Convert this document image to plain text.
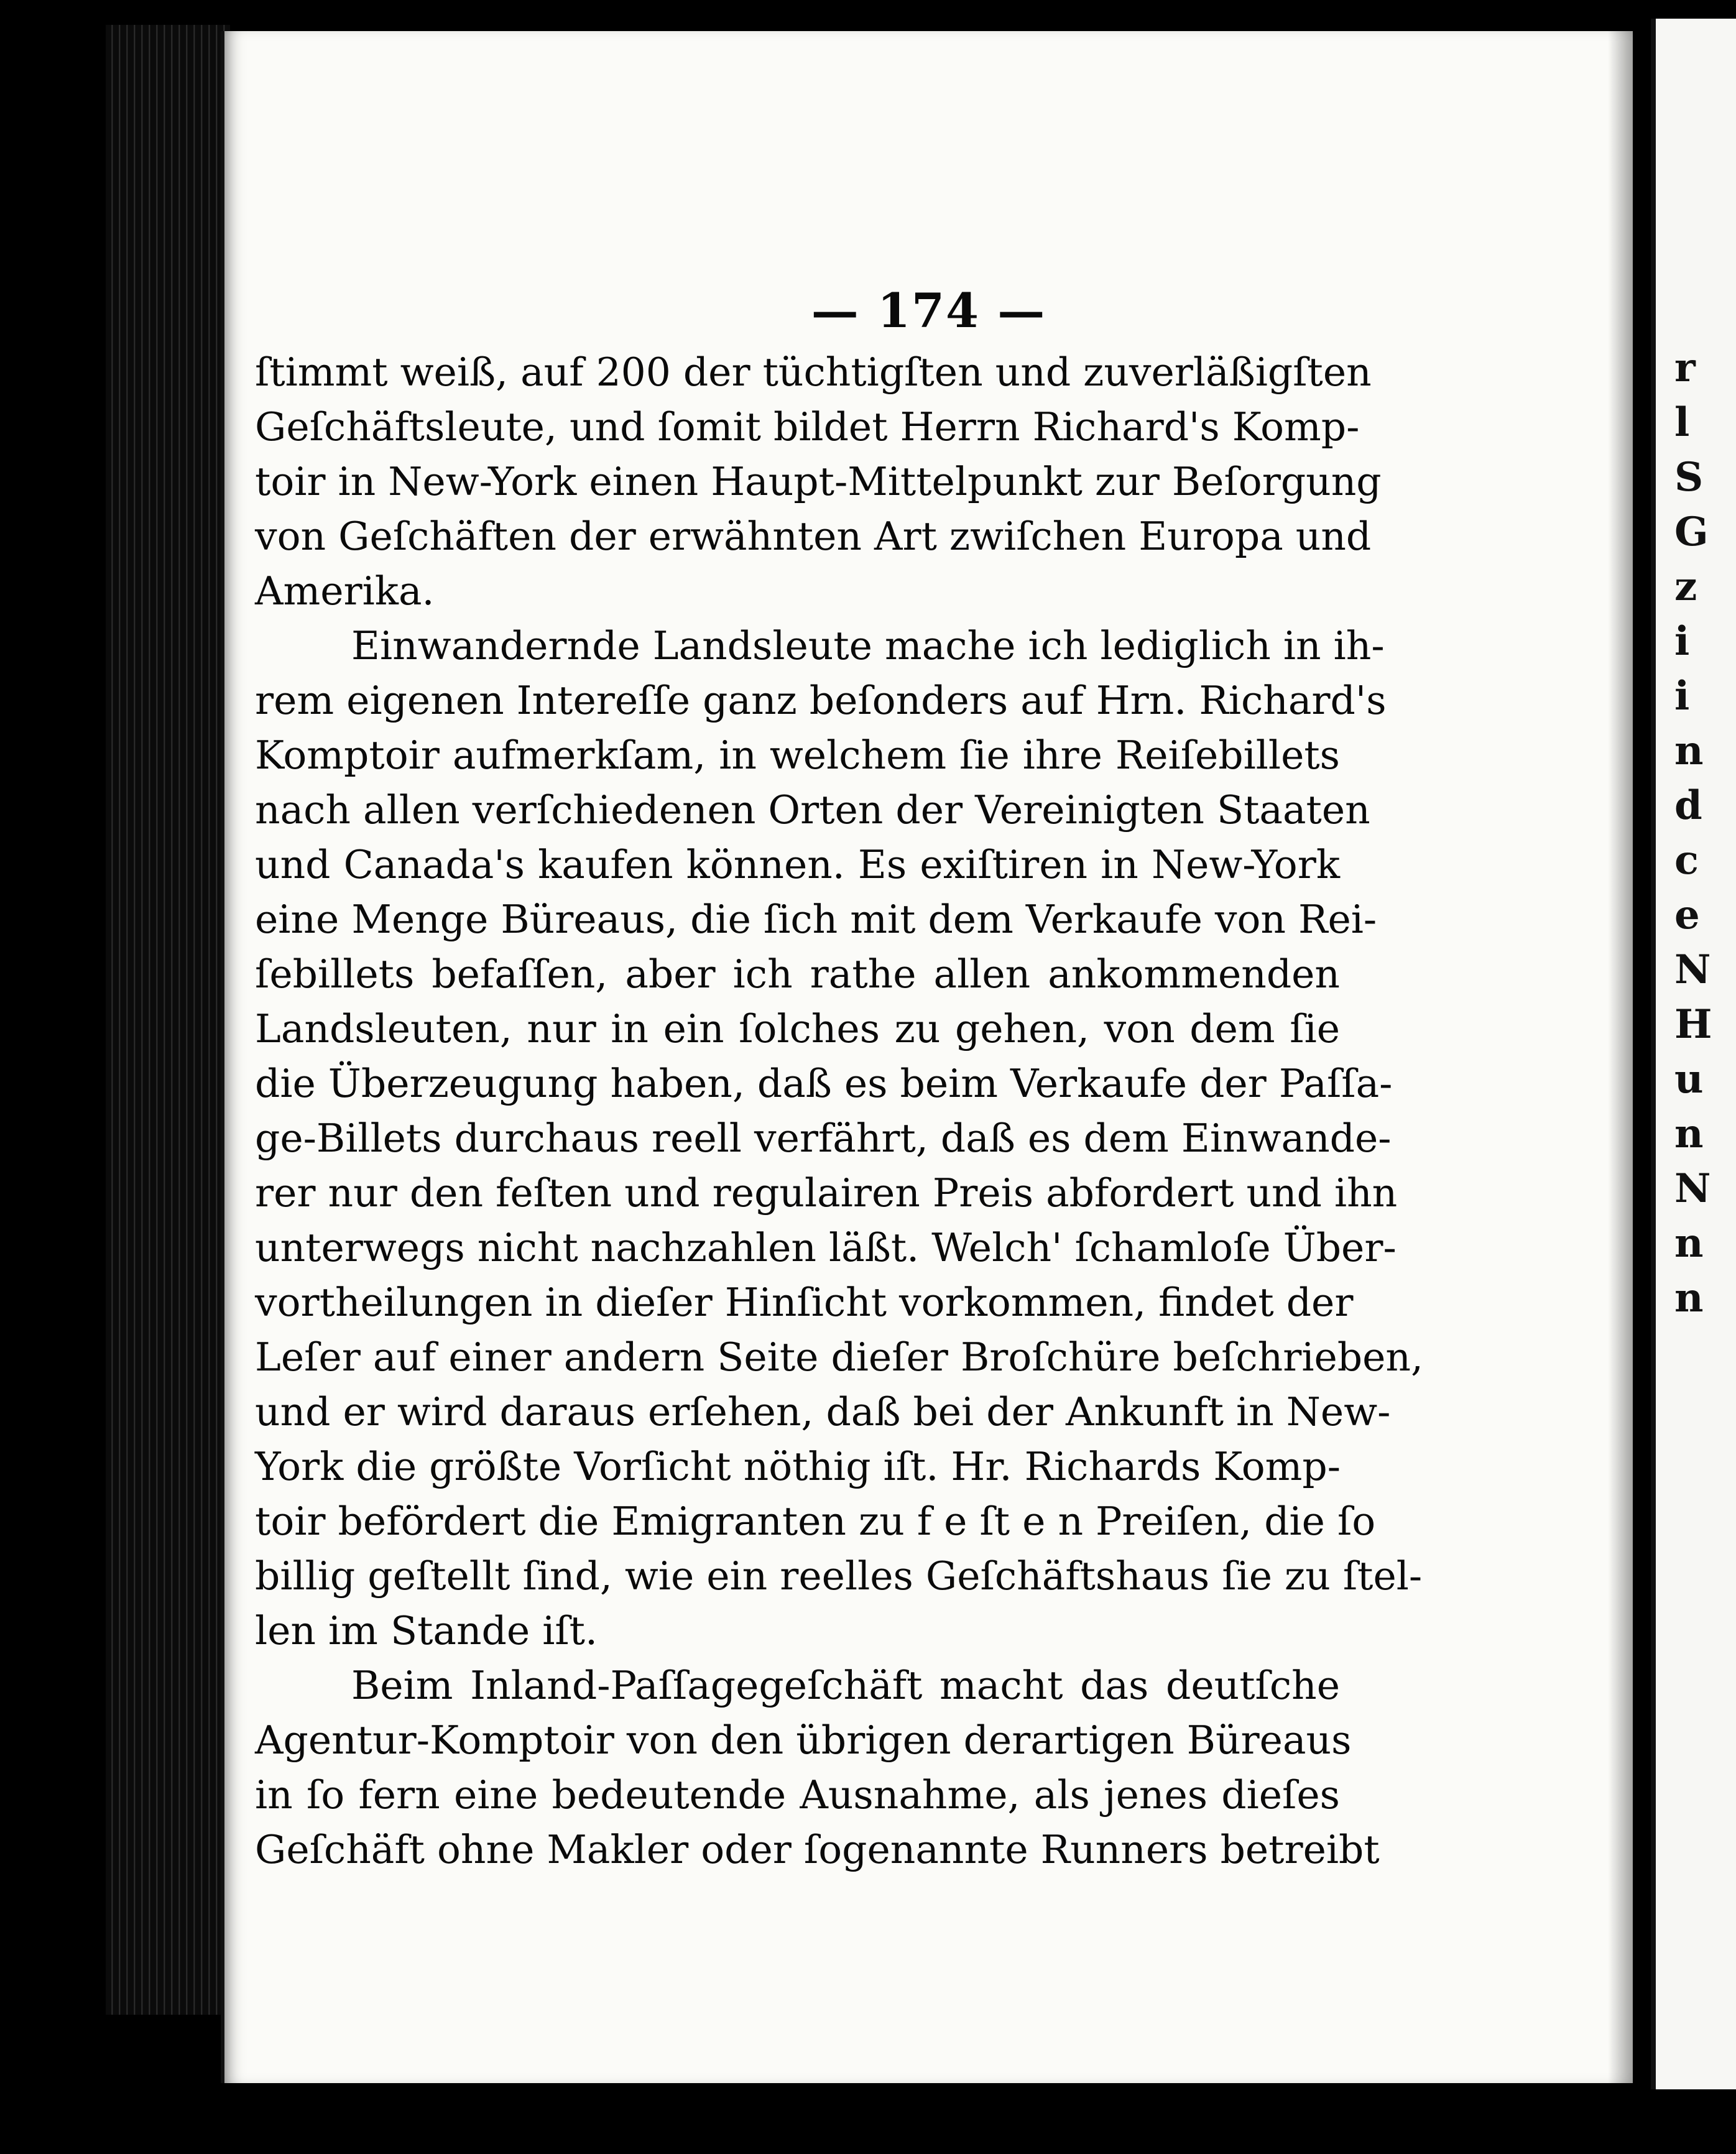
— 174 —
ſtimmt weiß, auf 200 der tüchtigſten und zuverläßigſten
Geſchäftsleute, und ſomit bildet Herrn Richard's Komp-
toir in New-York einen Haupt-Mittelpunkt zur Beſorgung
von Geſchäften der erwähnten Art zwiſchen Europa und
Amerika.
Einwandernde Landsleute mache ich lediglich in ih-
rem eigenen Intereſſe ganz beſonders auf Hrn. Richard's
Komptoir aufmerkſam, in welchem ſie ihre Reiſebillets
nach allen verſchiedenen Orten der Vereinigten Staaten
und Canada's kaufen können. Es exiſtiren in New-York
eine Menge Büreaus, die ſich mit dem Verkaufe von Rei-
ſebillets befaſſen, aber ich rathe allen ankommenden
Landsleuten, nur in ein ſolches zu gehen, von dem ſie
die Überzeugung haben, daß es beim Verkaufe der Paſſa-
ge-Billets durchaus reell verfährt, daß es dem Einwande-
rer nur den feſten und regulairen Preis abfordert und ihn
unterwegs nicht nachzahlen läßt. Welch' ſchamloſe Über-
vortheilungen in dieſer Hinſicht vorkommen, findet der
Leſer auf einer andern Seite dieſer Broſchüre beſchrieben,
und er wird daraus erſehen, daß bei der Ankunft in New-
York die größte Vorſicht nöthig iſt. Hr. Richards Komp-
toir befördert die Emigranten zu f e ſt e n Preiſen, die ſo
billig geſtellt ſind, wie ein reelles Geſchäftshaus ſie zu ſtel-
len im Stande iſt.
Beim Inland-Paſſagegeſchäft macht das deutſche
Agentur-Komptoir von den übrigen derartigen Büreaus
in ſo fern eine bedeutende Ausnahme, als jenes dieſes
Geſchäft ohne Makler oder ſogenannte Runners betreibt
r
l
S
G
z
i
i
n
d
c
e
N
H
u
n
N
n
n
